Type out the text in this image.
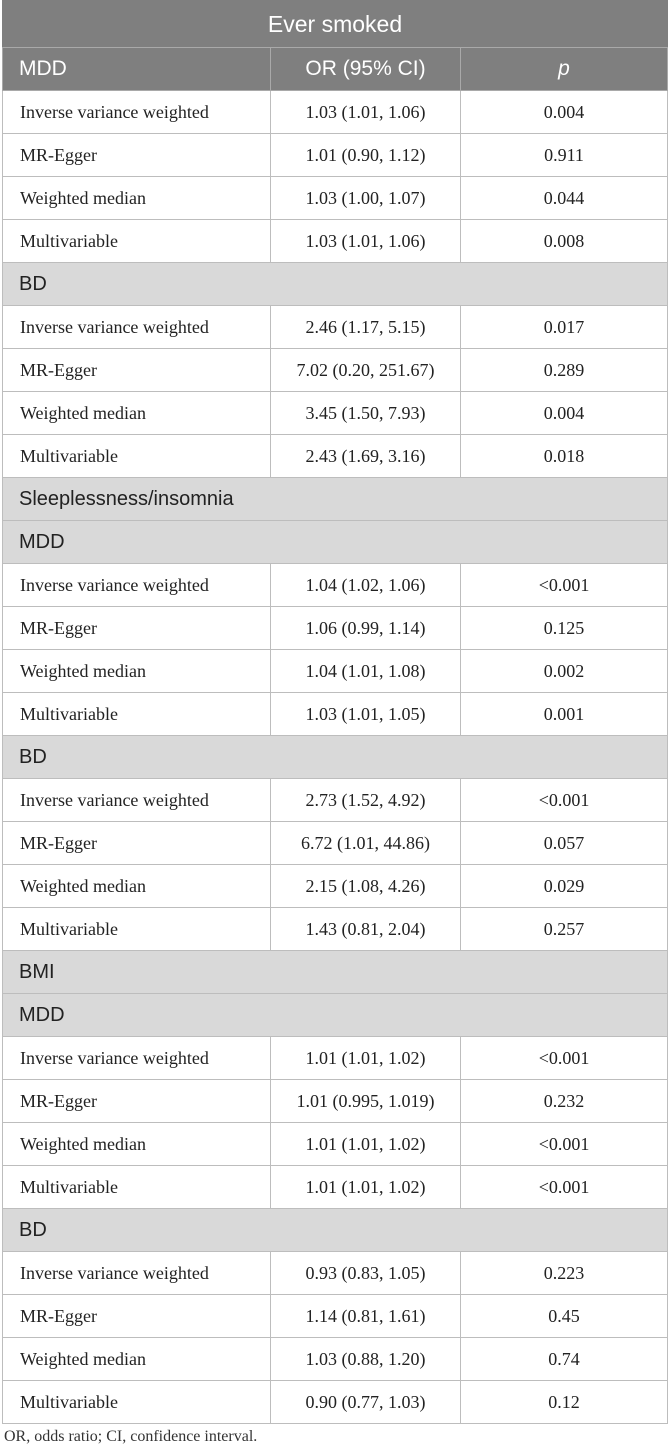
Ever smoked		
MDD	OR (95% CI)	p
Inverse variance weighted	1.03 (1.01, 1.06)	0.004
MR-Egger	1.01 (0.90, 1.12)	0.911
Weighted median	1.03 (1.00, 1.07)	0.044
Multivariable	1.03 (1.01, 1.06)	0.008
BD		
Inverse variance weighted	2.46 (1.17, 5.15)	0.017
MR-Egger	7.02 (0.20, 251.67)	0.289
Weighted median	3.45 (1.50, 7.93)	0.004
Multivariable	2.43 (1.69, 3.16)	0.018
Sleeplessness/insomnia		
MDD		
Inverse variance weighted	1.04 (1.02, 1.06)	<0.001
MR-Egger	1.06 (0.99, 1.14)	0.125
Weighted median	1.04 (1.01, 1.08)	0.002
Multivariable	1.03 (1.01, 1.05)	0.001
BD		
Inverse variance weighted	2.73 (1.52, 4.92)	<0.001
MR-Egger	6.72 (1.01, 44.86)	0.057
Weighted median	2.15 (1.08, 4.26)	0.029
Multivariable	1.43 (0.81, 2.04)	0.257
BMI		
MDD		
Inverse variance weighted	1.01 (1.01, 1.02)	<0.001
MR-Egger	1.01 (0.995, 1.019)	0.232
Weighted median	1.01 (1.01, 1.02)	<0.001
Multivariable	1.01 (1.01, 1.02)	<0.001
BD		
Inverse variance weighted	0.93 (0.83, 1.05)	0.223
MR-Egger	1.14 (0.81, 1.61)	0.45
Weighted median	1.03 (0.88, 1.20)	0.74
Multivariable	0.90 (0.77, 1.03)	0.12
OR, odds ratio; CI, confidence interval.
